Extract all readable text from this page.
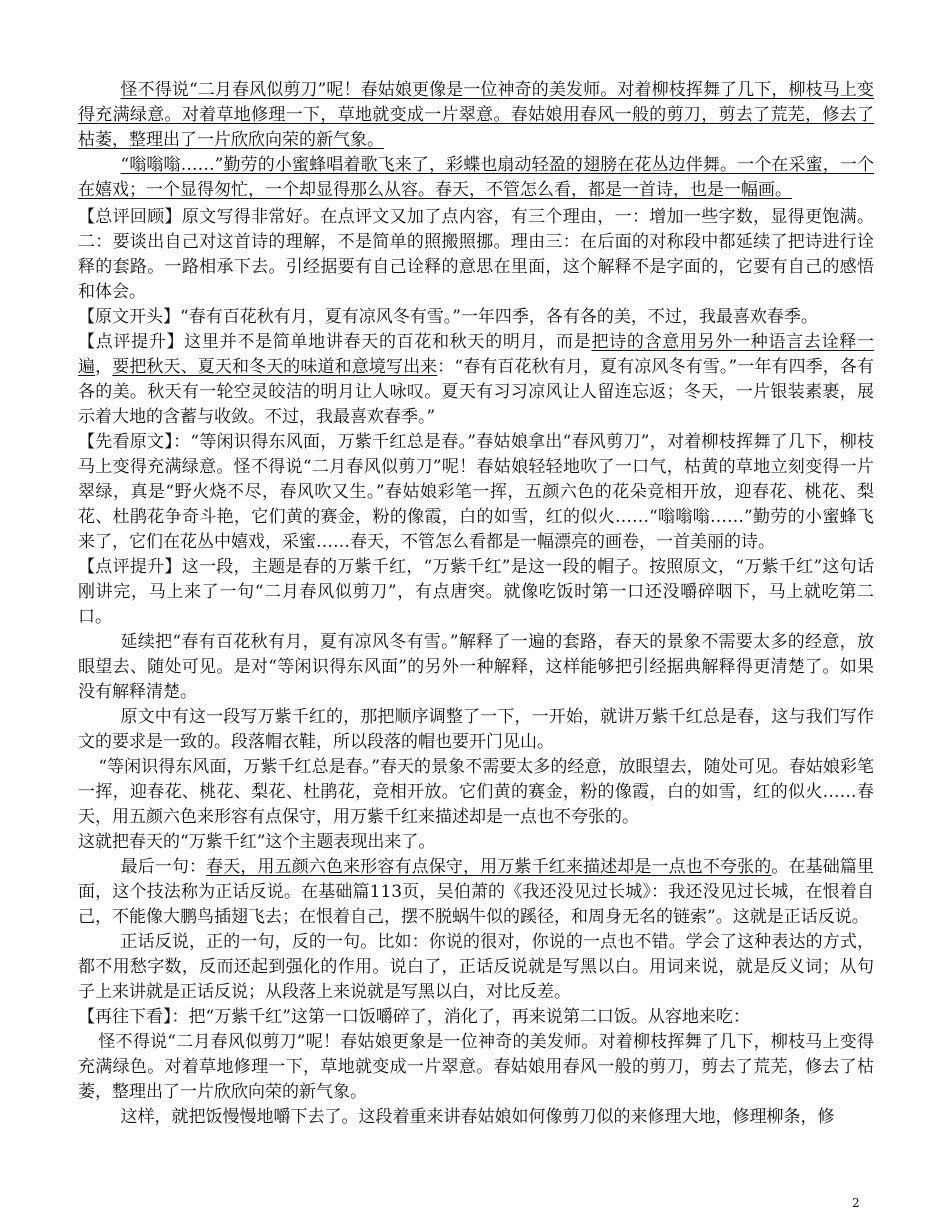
怪不得说“二月春风似剪刀”呢！春姑娘更像是一位神奇的美发师。对着柳枝挥舞了几下，柳枝马上变得充满绿意。对着草地修理一下，草地就变成一片翠意。春姑娘用春风一般的剪刀，剪去了荒芜，修去了枯萎，整理出了一片欣欣向荣的新气象。

“嗡嗡嗡……”勤劳的小蜜蜂唱着歌飞来了，彩蝶也扇动轻盈的翅膀在花丛边伴舞。一个在采蜜，一个在嬉戏；一个显得匆忙，一个却显得那么从容。春天，不管怎么看，都是一首诗，也是一幅画。

【总评回顾】原文写得非常好。在点评文又加了点内容，有三个理由，一：增加一些字数，显得更饱满。二：要谈出自己对这首诗的理解，不是简单的照搬照挪。理由三：在后面的对称段中都延续了把诗进行诠释的套路。一路相承下去。引经据要有自己诠释的意思在里面，这个解释不是字面的，它要有自己的感悟和体会。

【原文开头】“春有百花秋有月，夏有凉风冬有雪。”一年四季，各有各的美，不过，我最喜欢春季。

【点评提升】这里并不是简单地讲春天的百花和秋天的明月，而是把诗的含意用另外一种语言去诠释一遍，要把秋天、夏天和冬天的味道和意境写出来：“春有百花秋有月，夏有凉风冬有雪。”一年有四季，各有各的美。秋天有一轮空灵皎洁的明月让人咏叹。夏天有习习凉风让人留连忘返；冬天，一片银装素裹，展示着大地的含蓄与收敛。不过，我最喜欢春季。”

【先看原文】：“等闲识得东风面，万紫千红总是春。”春姑娘拿出“春风剪刀”，对着柳枝挥舞了几下，柳枝马上变得充满绿意。怪不得说“二月春风似剪刀”呢！春姑娘轻轻地吹了一口气，枯黄的草地立刻变得一片翠绿，真是“野火烧不尽，春风吹又生。”春姑娘彩笔一挥，五颜六色的花朵竞相开放，迎春花、桃花、梨花、杜鹃花争奇斗艳，它们黄的赛金，粉的像霞，白的如雪，红的似火……“嗡嗡嗡……”勤劳的小蜜蜂飞来了，它们在花丛中嬉戏，采蜜……春天，不管怎么看都是一幅漂亮的画卷，一首美丽的诗。

【点评提升】这一段，主题是春的万紫千红，“万紫千红”是这一段的帽子。按照原文，“万紫千红”这句话刚讲完，马上来了一句“二月春风似剪刀”，有点唐突。就像吃饭时第一口还没嚼碎咽下，马上就吃第二口。

延续把“春有百花秋有月，夏有凉风冬有雪。”解释了一遍的套路，春天的景象不需要太多的经意，放眼望去、随处可见。是对“等闲识得东风面”的另外一种解释，这样能够把引经据典解释得更清楚了。如果没有解释清楚。

原文中有这一段写万紫千红的，那把顺序调整了一下，一开始，就讲万紫千红总是春，这与我们写作文的要求是一致的。段落帽衣鞋，所以段落的帽也要开门见山。

“等闲识得东风面，万紫千红总是春。”春天的景象不需要太多的经意，放眼望去，随处可见。春姑娘彩笔一挥，迎春花、桃花、梨花、杜鹃花，竞相开放。它们黄的赛金，粉的像霞，白的如雪，红的似火……春天，用五颜六色来形容有点保守，用万紫千红来描述却是一点也不夸张的。

这就把春天的“万紫千红”这个主题表现出来了。

最后一句：春天，用五颜六色来形容有点保守，用万紫千红来描述却是一点也不夸张的。在基础篇里面，这个技法称为正话反说。在基础篇113页，吴伯萧的《我还没见过长城》：我还没见过长城，在恨着自己，不能像大鹏鸟插翅飞去；在恨着自己，摆不脱蜗牛似的蹊径，和周身无名的链索”。这就是正话反说。

正话反说，正的一句，反的一句。比如：你说的很对，你说的一点也不错。学会了这种表达的方式，都不用愁字数，反而还起到强化的作用。说白了，正话反说就是写黑以白。用词来说，就是反义词；从句子上来讲就是正话反说；从段落上来说就是写黑以白，对比反差。

【再往下看】：把“万紫千红”这第一口饭嚼碎了，消化了，再来说第二口饭。从容地来吃：

怪不得说“二月春风似剪刀”呢！春姑娘更象是一位神奇的美发师。对着柳枝挥舞了几下，柳枝马上变得充满绿色。对着草地修理一下，草地就变成一片翠意。春姑娘用春风一般的剪刀，剪去了荒芜，修去了枯萎，整理出了一片欣欣向荣的新气象。

这样，就把饭慢慢地嚼下去了。这段着重来讲春姑娘如何像剪刀似的来修理大地，修理柳条，修

2
